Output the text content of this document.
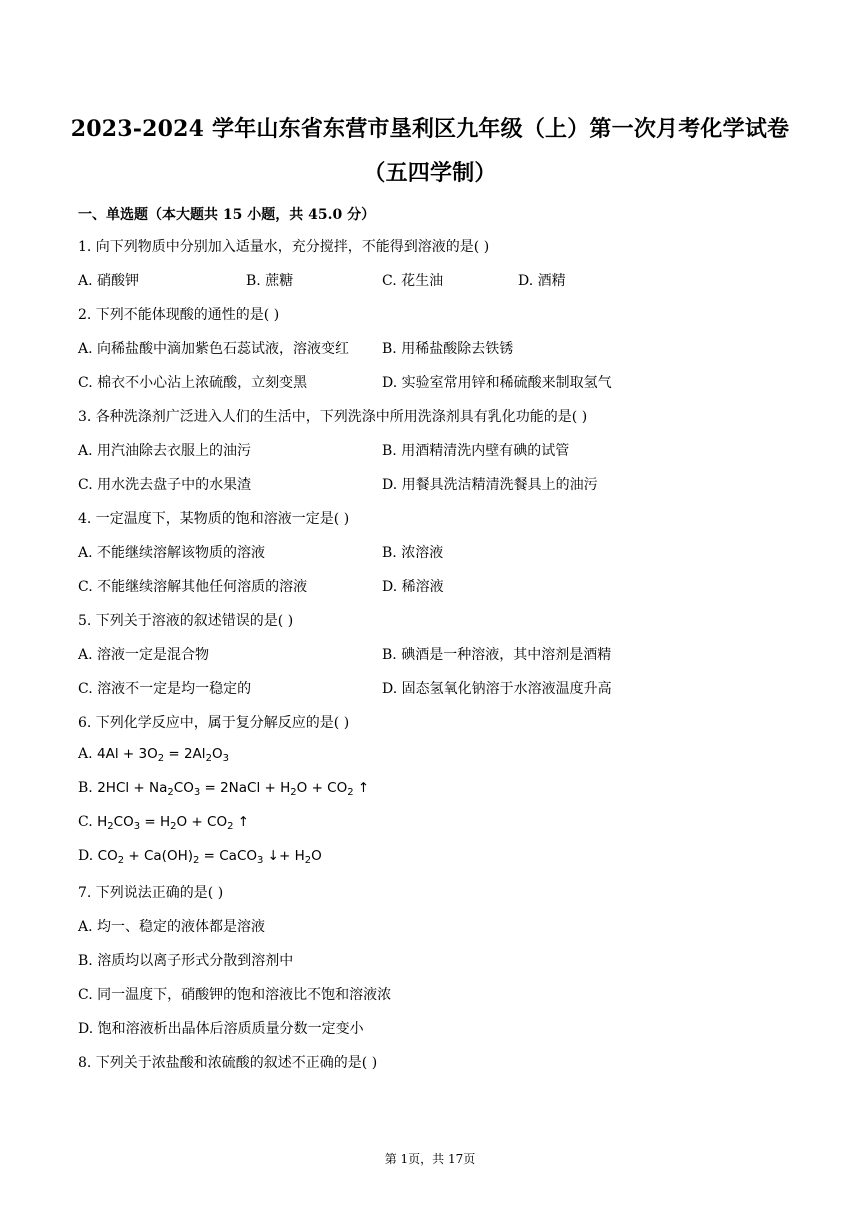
2023-2024 学年山东省东营市垦利区九年级（上）第一次月考化学试卷
（五四学制）
一、单选题（本大题共 15 小题，共 45.0 分）
1. 向下列物质中分别加入适量水，充分搅拌，不能得到溶液的是( )
A. 硝酸钾	B. 蔗糖	C. 花生油	D. 酒精
2. 下列不能体现酸的通性的是( )
A. 向稀盐酸中滴加紫色石蕊试液，溶液变红 B. 用稀盐酸除去铁锈
C. 棉衣不小心沾上浓硫酸，立刻变黑	D. 实验室常用锌和稀硫酸来制取氢气
3. 各种洗涤剂广泛进入人们的生活中，下列洗涤中所用洗涤剂具有乳化功能的是( )
A. 用汽油除去衣服上的油污	B. 用酒精清洗内壁有碘的试管
C. 用水洗去盘子中的水果渣	D. 用餐具洗洁精清洗餐具上的油污
4. 一定温度下，某物质的饱和溶液一定是( )
A. 不能继续溶解该物质的溶液	B. 浓溶液
C. 不能继续溶解其他任何溶质的溶液	D. 稀溶液
5. 下列关于溶液的叙述错误的是( )
A. 溶液一定是混合物	B. 碘酒是一种溶液，其中溶剂是酒精
C. 溶液不一定是均一稳定的	D. 固态氢氧化钠溶于水溶液温度升高
6. 下列化学反应中，属于复分解反应的是( )
A. $4Al + 3O_2 = 2Al_2O_3$
B. $2HCl + Na_2CO_3$ = 2NaCl + $H_2O + CO_2$ ↑
C. $H_2CO_3 = H_2O + CO_2$ ↑
D. $CO_2 + Ca(OH)_2$ = CaCO$_3$ ↓+ $H_2O$
7. 下列说法正确的是( )
A. 均一、稳定的液体都是溶液
B. 溶质均以离子形式分散到溶剂中
C. 同一温度下，硝酸钾的饱和溶液比不饱和溶液浓
D. 饱和溶液析出晶体后溶质质量分数一定变小
8. 下列关于浓盐酸和浓硫酸的叙述不正确的是( )
第 1页，共 17页
